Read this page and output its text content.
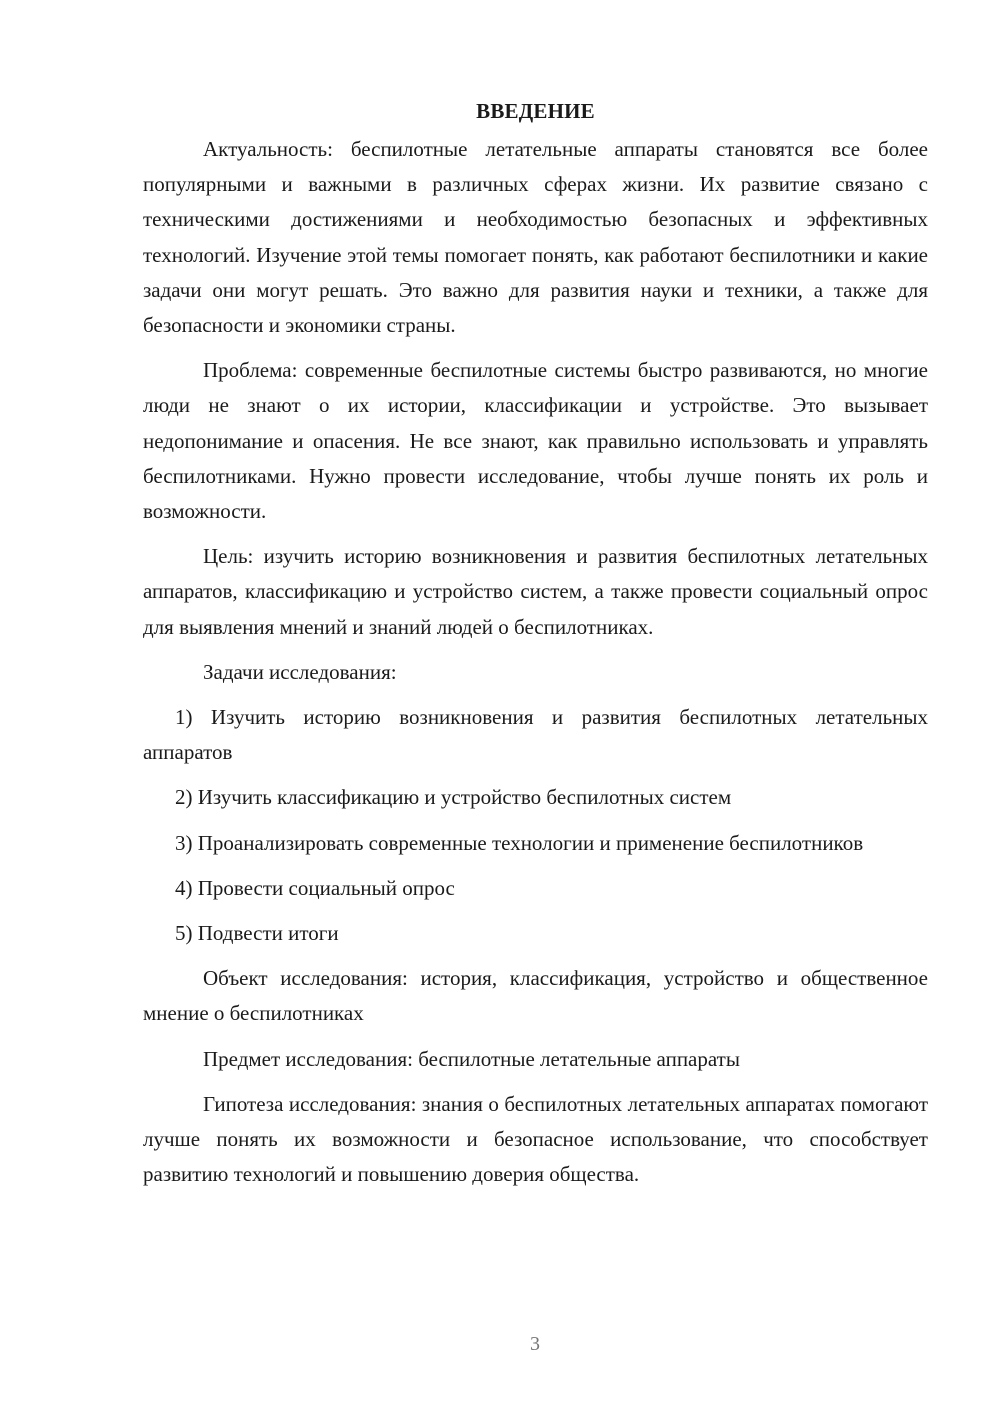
ВВЕДЕНИЕ

Актуальность: беспилотные летательные аппараты становятся все более популярными и важными в различных сферах жизни. Их развитие связано с техническими достижениями и необходимостью безопасных и эффективных технологий. Изучение этой темы помогает понять, как работают беспилотники и какие задачи они могут решать. Это важно для развития науки и техники, а также для безопасности и экономики страны.

Проблема: современные беспилотные системы быстро развиваются, но многие люди не знают о их истории, классификации и устройстве. Это вызывает недопонимание и опасения. Не все знают, как правильно использовать и управлять беспилотниками. Нужно провести исследование, чтобы лучше понять их роль и возможности.

Цель: изучить историю возникновения и развития беспилотных летательных аппаратов, классификацию и устройство систем, а также провести социальный опрос для выявления мнений и знаний людей о беспилотниках.

Задачи исследования:

1) Изучить историю возникновения и развития беспилотных летательных аппаратов

2) Изучить классификацию и устройство беспилотных систем

3) Проанализировать современные технологии и применение беспилотников

4) Провести социальный опрос

5) Подвести итоги

Объект исследования: история, классификация, устройство и общественное мнение о беспилотниках

Предмет исследования: беспилотные летательные аппараты

Гипотеза исследования: знания о беспилотных летательных аппаратах помогают лучше понять их возможности и безопасное использование, что способствует развитию технологий и повышению доверия общества.

3
